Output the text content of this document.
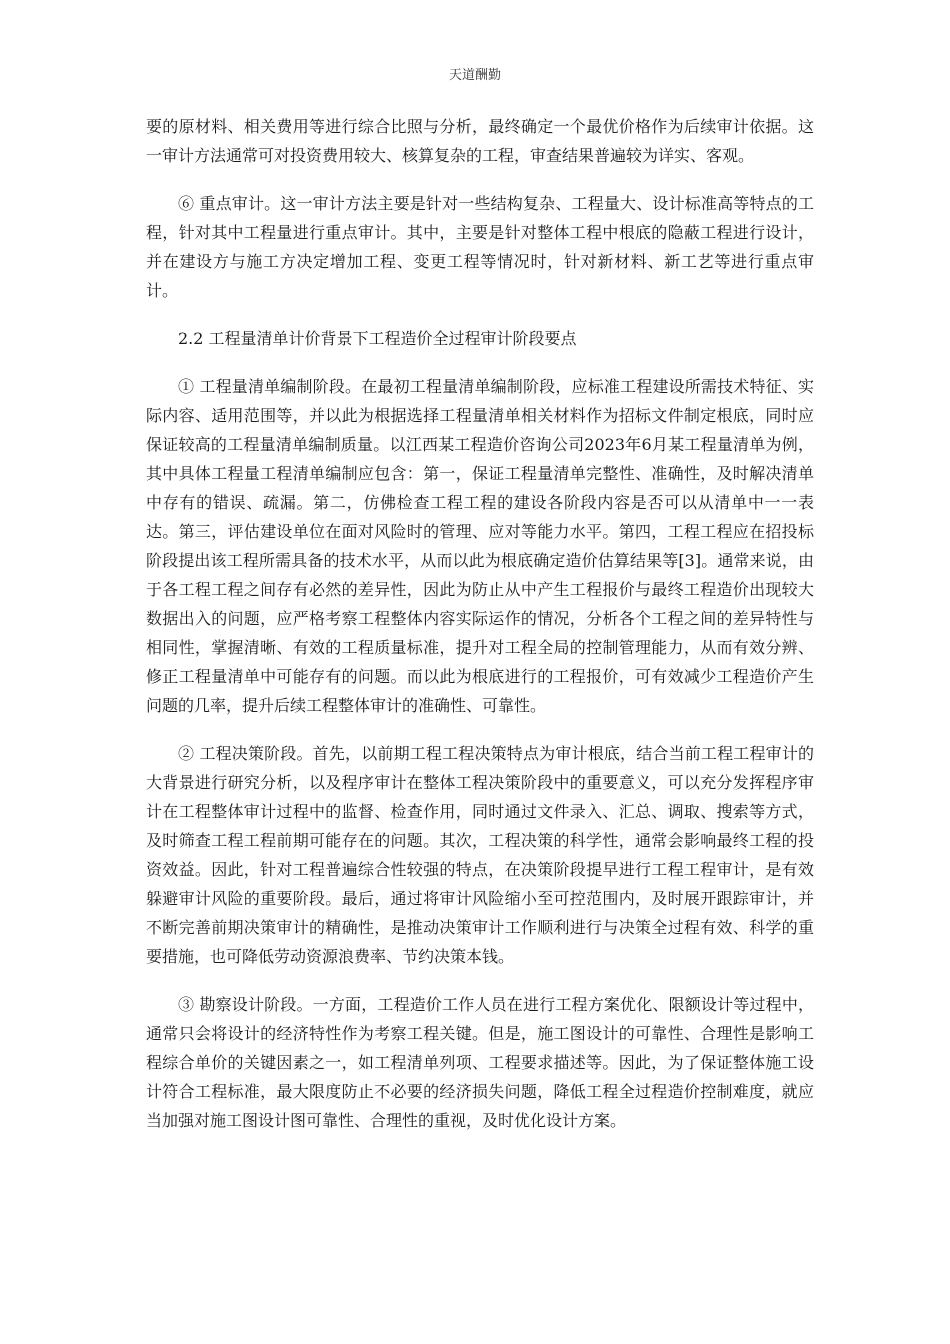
天道酬勤

要的原材料、相关费用等进行综合比照与分析，最终确定一个最优价格作为后续审计依据。这一审计方法通常可对投资费用较大、核算复杂的工程，审查结果普遍较为详实、客观。

⑥ 重点审计。这一审计方法主要是针对一些结构复杂、工程量大、设计标准高等特点的工程，针对其中工程量进行重点审计。其中，主要是针对整体工程中根底的隐蔽工程进行设计，并在建设方与施工方决定增加工程、变更工程等情况时，针对新材料、新工艺等进行重点审计。

2.2 工程量清单计价背景下工程造价全过程审计阶段要点

① 工程量清单编制阶段。在最初工程量清单编制阶段，应标准工程建设所需技术特征、实际内容、适用范围等，并以此为根据选择工程量清单相关材料作为招标文件制定根底，同时应保证较高的工程量清单编制质量。以江西某工程造价咨询公司2023年6月某工程量清单为例，其中具体工程量工程清单编制应包含：第一，保证工程量清单完整性、准确性，及时解决清单中存有的错误、疏漏。第二，仿佛检查工程工程的建设各阶段内容是否可以从清单中一一表达。第三，评估建设单位在面对风险时的管理、应对等能力水平。第四，工程工程应在招投标阶段提出该工程所需具备的技术水平，从而以此为根底确定造价估算结果等[3]。通常来说，由于各工程工程之间存有必然的差异性，因此为防止从中产生工程报价与最终工程造价出现较大数据出入的问题，应严格考察工程整体内容实际运作的情况，分析各个工程之间的差异特性与相同性，掌握清晰、有效的工程质量标准，提升对工程全局的控制管理能力，从而有效分辨、修正工程量清单中可能存有的问题。而以此为根底进行的工程报价，可有效减少工程造价产生问题的几率，提升后续工程整体审计的准确性、可靠性。

② 工程决策阶段。首先，以前期工程工程决策特点为审计根底，结合当前工程工程审计的大背景进行研究分析，以及程序审计在整体工程决策阶段中的重要意义，可以充分发挥程序审计在工程整体审计过程中的监督、检查作用，同时通过文件录入、汇总、调取、搜索等方式，及时筛查工程工程前期可能存在的问题。其次，工程决策的科学性，通常会影响最终工程的投资效益。因此，针对工程普遍综合性较强的特点，在决策阶段提早进行工程工程审计，是有效躲避审计风险的重要阶段。最后，通过将审计风险缩小至可控范围内，及时展开跟踪审计，并不断完善前期决策审计的精确性，是推动决策审计工作顺利进行与决策全过程有效、科学的重要措施，也可降低劳动资源浪费率、节约决策本钱。

③ 勘察设计阶段。一方面，工程造价工作人员在进行工程方案优化、限额设计等过程中，通常只会将设计的经济特性作为考察工程关键。但是，施工图设计的可靠性、合理性是影响工程综合单价的关键因素之一，如工程清单列项、工程要求描述等。因此，为了保证整体施工设计符合工程标准，最大限度防止不必要的经济损失问题，降低工程全过程造价控制难度，就应当加强对施工图设计图可靠性、合理性的重视，及时优化设计方案。
